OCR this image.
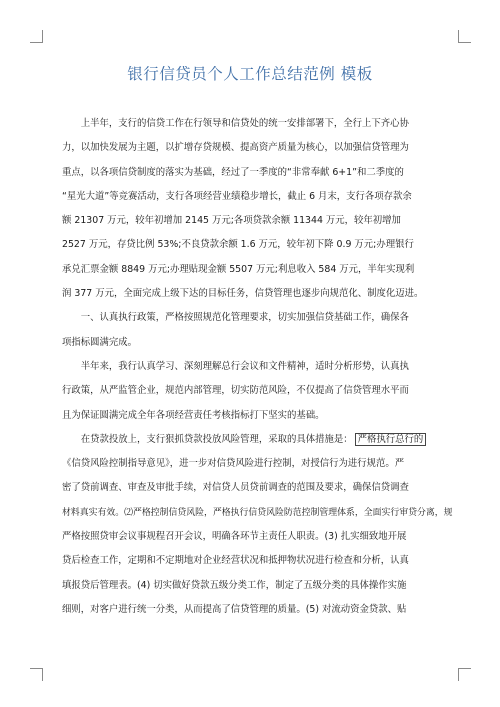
银行信贷员个人工作总结范例 模板
　　上半年，支行的信贷工作在行领导和信贷处的统一安排部署下，全行上下齐心协
力，以加快发展为主题，以扩增存贷规模、提高资产质量为核心，以加强信贷管理为
重点，以各项信贷制度的落实为基础，经过了一季度的“非常奉献 6+1”和二季度的
“星光大道”等竞赛活动，支行各项经营业绩稳步增长，截止 6 月末，支行各项存款余
额 21307 万元，较年初增加 2145 万元;各项贷款余额 11344 万元，较年初增加
2527 万元，存贷比例 53%;不良贷款余额 1.6 万元，较年初下降 0.9 万元;办理银行
承兑汇票金额 8849 万元;办理贴现金额 5507 万元;利息收入 584 万元，半年实现利
润 377 万元，全面完成上级下达的目标任务，信贷管理也逐步向规范化、制度化迈进。
　　一、认真执行政策，严格按照规范化管理要求，切实加强信贷基础工作，确保各
项指标圆满完成。
　　半年来，我行认真学习、深刻理解总行会议和文件精神，适时分析形势，认真执
行政策，从严监管企业，规范内部管理，切实防范风险，不仅提高了信贷管理水平而
且为保证圆满完成全年各项经营责任考核指标打下坚实的基础。
　　在贷款投放上，支行狠抓贷款投放风险管理，采取的具体措施是： 严格执行总行的
《信贷风险控制指导意见》，进一步对信贷风险进行控制，对授信行为进行规范。严
密了贷前调查、审查及审批手续，对信贷人员贷前调查的范围及要求，确保信贷调查
材料真实有效。⑵严格控制信贷风险，严格执行信贷风险防范控制管理体系，全面实行审贷分离，规
严格按照贷审会议事规程召开会议，明确各环节主责任人职责。(3) 扎实细致地开展
贷后检查工作，定期和不定期地对企业经营状况和抵押物状况进行检查和分析，认真
填报贷后管理表。(4) 切实做好贷款五级分类工作，制定了五级分类的具体操作实施
细则，对客户进行统一分类，从而提高了信贷管理的质量。(5) 对流动资金贷款、贴
